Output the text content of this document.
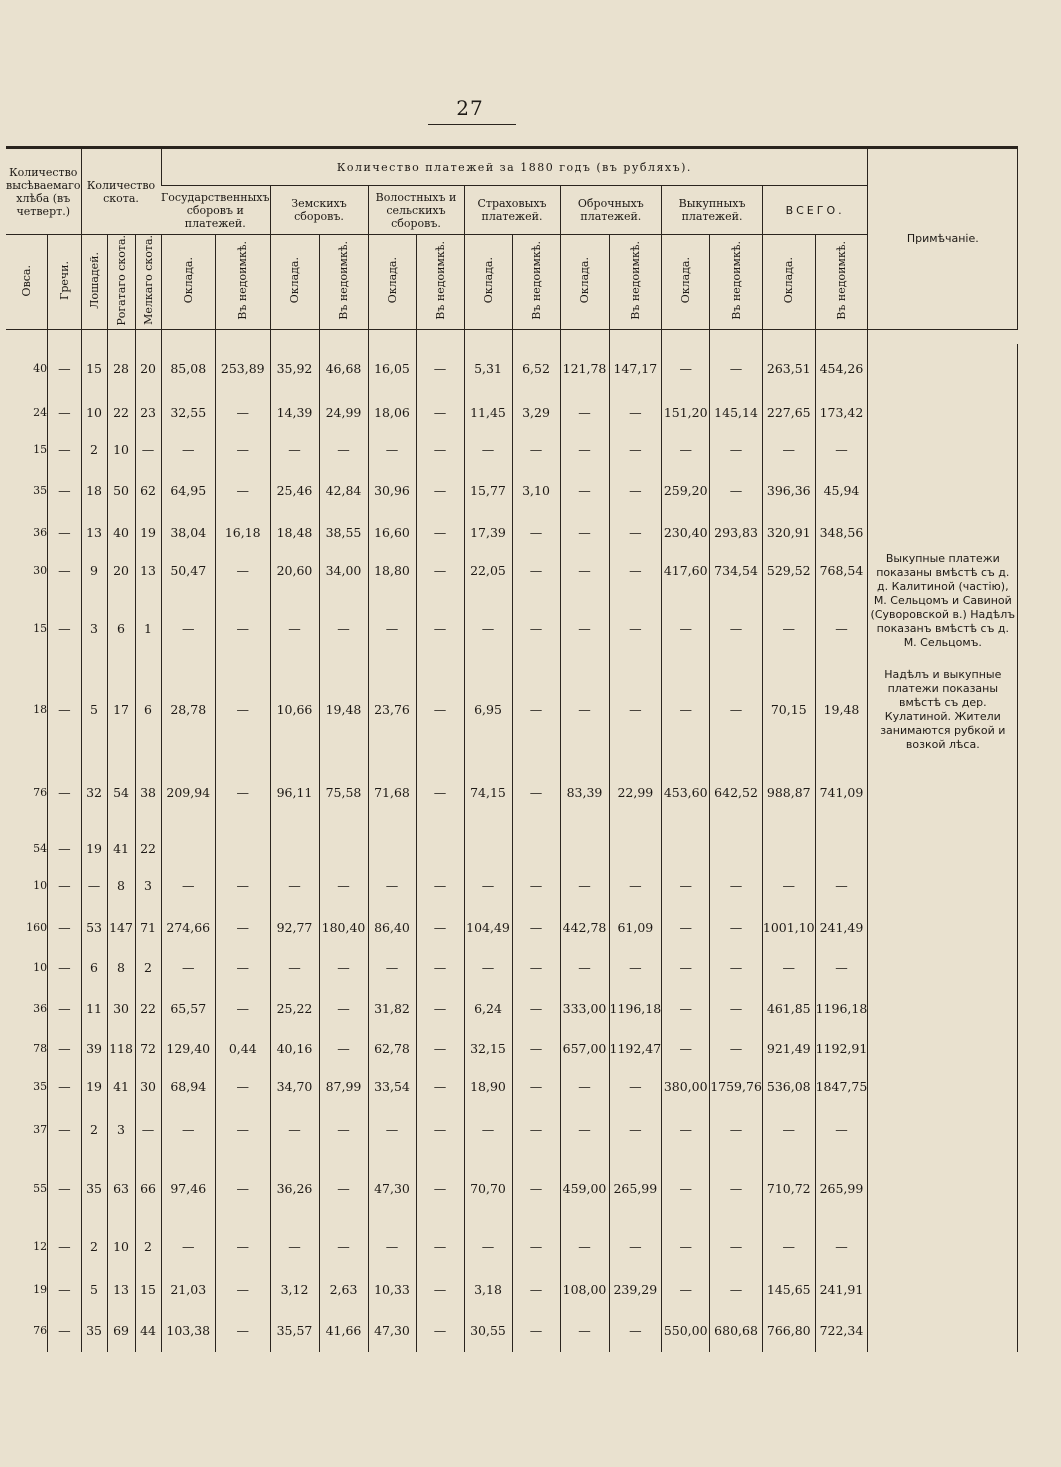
27
Количество высѣваемаго хлѣба (въ четверт.)		Количество скота.			Количество платежей за 1880 годъ (въ рубляхъ).														Примѣчаніе.
					Государственныхъ сборовъ и платежей.		Земскихъ сборовъ.		Волостныхъ и сельскихъ сборовъ.		Страховыхъ платежей.		Оброчныхъ платежей.		Выкупныхъ платежей.		ВСЕГО.		
Овса.	Гречи.	Лошадей.	Рогатаго скота.	Мелкаго скота.	Оклада.	Въ недоимкѣ.	Оклада.	Въ недоимкѣ.	Оклада.	Въ недоимкѣ.	Оклада.	Въ недоимкѣ.	Оклада.	Въ недоимкѣ.	Оклада.	Въ недоимкѣ.	Оклада.	Въ недоимкѣ.	

40	—	15	28	20	85,08	253,89	35,92	46,68	16,05	—	5,31	6,52	121,78	147,17	—	—	263,51	454,26	
24	—	10	22	23	32,55	—	14,39	24,99	18,06	—	11,45	3,29	—	—	151,20	145,14	227,65	173,42	
15	—	2	10	—	—	—	—	—	—	—	—	—	—	—	—	—	—	—	
35	—	18	50	62	64,95	—	25,46	42,84	30,96	—	15,77	3,10	—	—	259,20	—	396,36	45,94	
36	—	13	40	19	38,04	16,18	18,48	38,55	16,60	—	17,39	—	—	—	230,40	293,83	320,91	348,56	
30	—	9	20	13	50,47	—	20,60	34,00	18,80	—	22,05	—	—	—	417,60	734,54	529,52	768,54	Выкупные платежи показаны вмѣстѣ съ д. д. Калитиной (частію), М. Сельцомъ и Савиной (Суворовской в.) Надѣлъ показанъ вмѣстѣ съ д. М. Сельцомъ.
15	—	3	6	1	—	—	—	—	—	—	—	—	—	—	—	—	—	—	
18	—	5	17	6	28,78	—	10,66	19,48	23,76	—	6,95	—	—	—	—	—	70,15	19,48	Надѣлъ и выкупные платежи показаны вмѣстѣ съ дер. Кулатиной. Жители занимаются рубкой и возкой лѣса.
76	—	32	54	38	209,94	—	96,11	75,58	71,68	—	74,15	—	83,39	22,99	453,60	642,52	988,87	741,09	
54	—	19	41	22															
10	—	—	8	3	—	—	—	—	—	—	—	—	—	—	—	—	—	—	
160	—	53	147	71	274,66	—	92,77	180,40	86,40	—	104,49	—	442,78	61,09	—	—	1001,10	241,49	
10	—	6	8	2	—	—	—	—	—	—	—	—	—	—	—	—	—	—	
36	—	11	30	22	65,57	—	25,22	—	31,82	—	6,24	—	333,00	1196,18	—	—	461,85	1196,18	
78	—	39	118	72	129,40	0,44	40,16	—	62,78	—	32,15	—	657,00	1192,47	—	—	921,49	1192,91	
35	—	19	41	30	68,94	—	34,70	87,99	33,54	—	18,90	—	—	—	380,00	1759,76	536,08	1847,75	
37	—	2	3	—	—	—	—	—	—	—	—	—	—	—	—	—	—	—	
55	—	35	63	66	97,46	—	36,26	—	47,30	—	70,70	—	459,00	265,99	—	—	710,72	265,99	
12	—	2	10	2	—	—	—	—	—	—	—	—	—	—	—	—	—	—	
19	—	5	13	15	21,03	—	3,12	2,63	10,33	—	3,18	—	108,00	239,29	—	—	145,65	241,91	
76	—	35	69	44	103,38	—	35,57	41,66	47,30	—	30,55	—	—	—	550,00	680,68	766,80	722,34	
